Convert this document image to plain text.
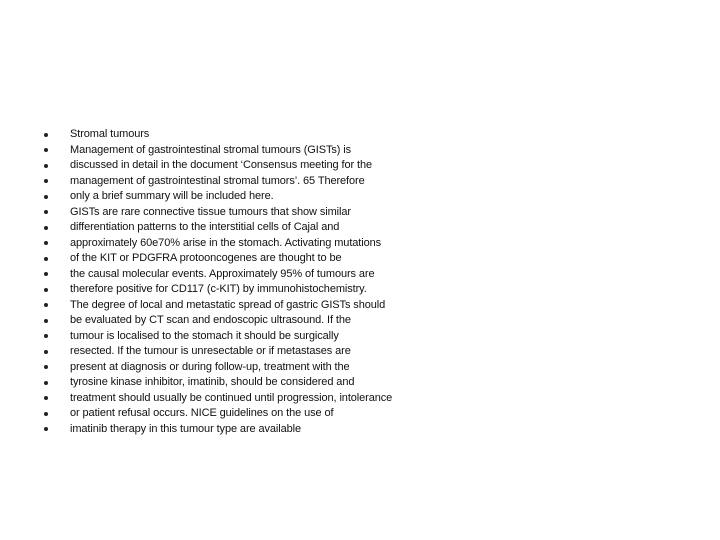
Stromal tumours
Management of gastrointestinal stromal tumours (GISTs) is
discussed in detail in the document ‘Consensus meeting for the
management of gastrointestinal stromal tumors’. 65 Therefore
only a brief summary will be included here.
GISTs are rare connective tissue tumours that show similar
differentiation patterns to the interstitial cells of Cajal and
approximately 60e70% arise in the stomach. Activating mutations
of the KIT or PDGFRA protooncogenes are thought to be
the causal molecular events. Approximately 95% of tumours are
therefore positive for CD117 (c-KIT) by immunohistochemistry.
The degree of local and metastatic spread of gastric GISTs should
be evaluated by CT scan and endoscopic ultrasound. If the
tumour is localised to the stomach it should be surgically
resected. If the tumour is unresectable or if metastases are
present at diagnosis or during follow-up, treatment with the
tyrosine kinase inhibitor, imatinib, should be considered and
treatment should usually be continued until progression, intolerance
or patient refusal occurs. NICE guidelines on the use of
imatinib therapy in this tumour type are available
